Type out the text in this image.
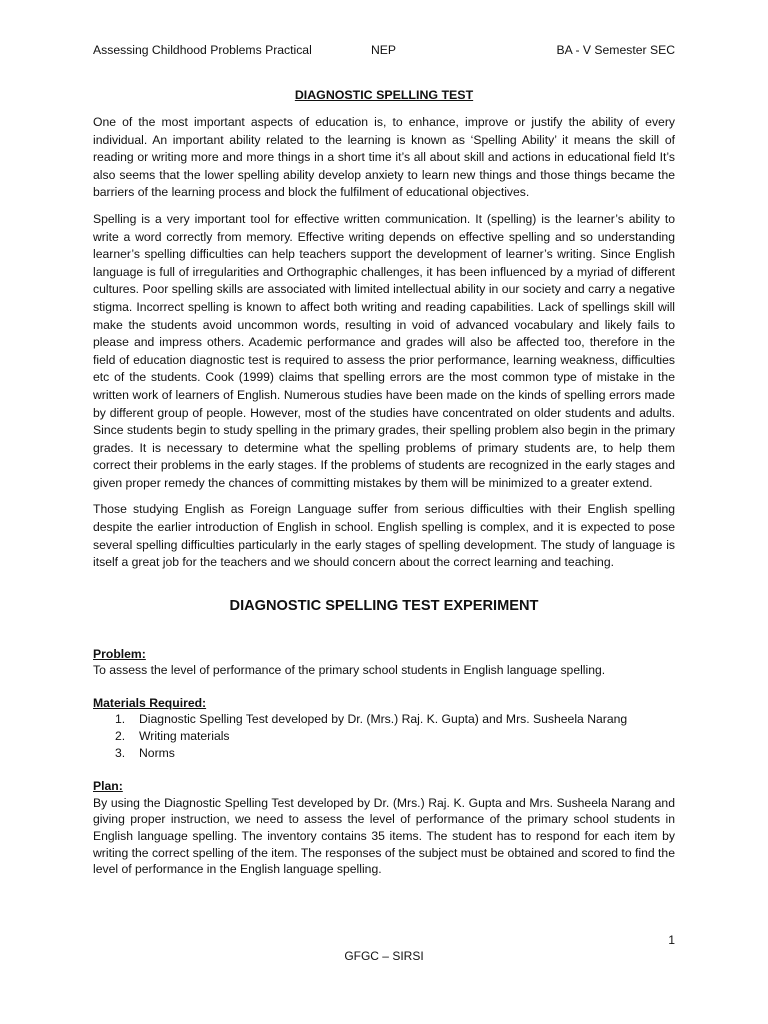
Assessing Childhood Problems Practical	NEP	BA - V Semester SEC
DIAGNOSTIC SPELLING TEST

One of the most important aspects of education is, to enhance, improve or justify the ability of every individual. An important ability related to the learning is known as ‘Spelling Ability’ it means the skill of reading or writing more and more things in a short time it’s all about skill and actions in educational field It’s also seems that the lower spelling ability develop anxiety to learn new things and those things became the barriers of the learning process and block the fulfilment of educational objectives.

Spelling is a very important tool for effective written communication. It (spelling) is the learner’s ability to write a word correctly from memory. Effective writing depends on effective spelling and so understanding learner’s spelling difficulties can help teachers support the development of learner’s writing. Since English language is full of irregularities and Orthographic challenges, it has been influenced by a myriad of different cultures. Poor spelling skills are associated with limited intellectual ability in our society and carry a negative stigma. Incorrect spelling is known to affect both writing and reading capabilities. Lack of spellings skill will make the students avoid uncommon words, resulting in void of advanced vocabulary and likely fails to please and impress others. Academic performance and grades will also be affected too, therefore in the field of education diagnostic test is required to assess the prior performance, learning weakness, difficulties etc of the students. Cook (1999) claims that spelling errors are the most common type of mistake in the written work of learners of English. Numerous studies have been made on the kinds of spelling errors made by different group of people. However, most of the studies have concentrated on older students and adults. Since students begin to study spelling in the primary grades, their spelling problem also begin in the primary grades. It is necessary to determine what the spelling problems of primary students are, to help them correct their problems in the early stages. If the problems of students are recognized in the early stages and given proper remedy the chances of committing mistakes by them will be minimized to a greater extend.

Those studying English as Foreign Language suffer from serious difficulties with their English spelling despite the earlier introduction of English in school. English spelling is complex, and it is expected to pose several spelling difficulties particularly in the early stages of spelling development. The study of language is itself a great job for the teachers and we should concern about the correct learning and teaching.

DIAGNOSTIC SPELLING TEST EXPERIMENT

Problem:

To assess the level of performance of the primary school students in English language spelling.

Materials Required:

1. Diagnostic Spelling Test developed by Dr. (Mrs.) Raj. K. Gupta) and Mrs. Susheela Narang
2. Writing materials
3. Norms

Plan:

By using the Diagnostic Spelling Test developed by Dr. (Mrs.) Raj. K. Gupta and Mrs. Susheela Narang and giving proper instruction, we need to assess the level of performance of the primary school students in English language spelling. The inventory contains 35 items. The student has to respond for each item by writing the correct spelling of the item. The responses of the subject must be obtained and scored to find the level of performance in the English language spelling.

1
GFGC – SIRSI
